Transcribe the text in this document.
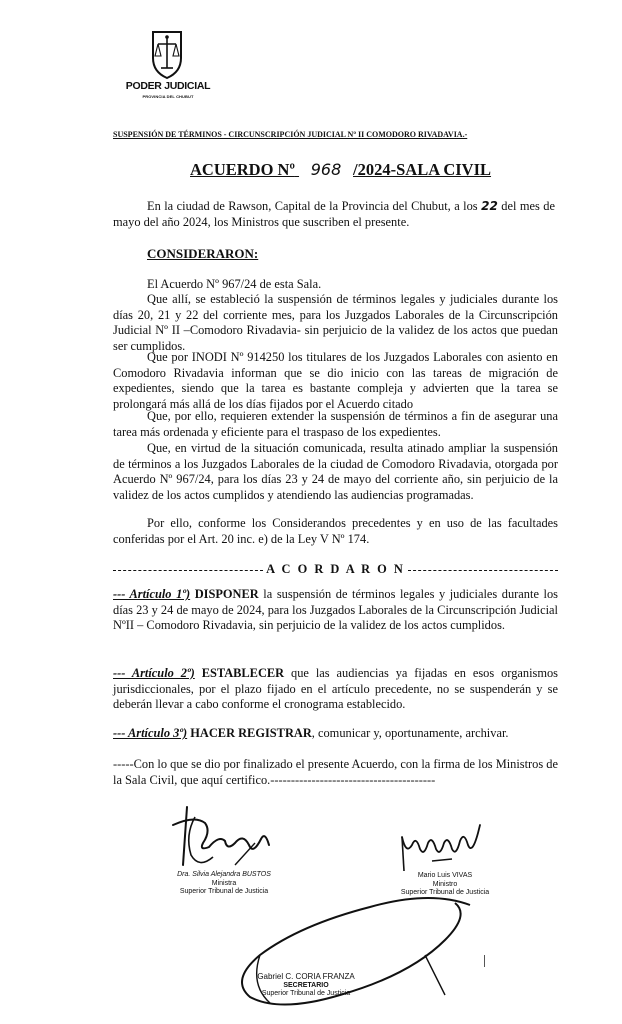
PODER JUDICIAL
PROVINCIA DEL CHUBUT
SUSPENSIÓN DE TÉRMINOS - CIRCUNSCRIPCIÓN JUDICIAL Nº II COMODORO RIVADAVIA.-
ACUERDO Nº 968 /2024-SALA CIVIL
En la ciudad de Rawson, Capital de la Provincia del Chubut, a los 22 del mes de mayo del año 2024, los Ministros que suscriben el presente.
CONSIDERARON:
El Acuerdo Nº 967/24 de esta Sala.
Que allí, se estableció la suspensión de términos legales y judiciales durante los días 20, 21 y 22 del corriente mes, para los Juzgados Laborales de la Circunscripción Judicial Nº II –Comodoro Rivadavia- sin perjuicio de la validez de los actos que puedan ser cumplidos.
Que por INODI Nº 914250 los titulares de los Juzgados Laborales con asiento en Comodoro Rivadavia informan que se dio inicio con las tareas de migración de expedientes, siendo que la tarea es bastante compleja y advierten que la tarea se prolongará más allá de los días fijados por el Acuerdo citado
Que, por ello, requieren extender la suspensión de términos a fin de asegurar una tarea más ordenada y eficiente para el traspaso de los expedientes.
Que, en virtud de la situación comunicada, resulta atinado ampliar la suspensión de términos a los Juzgados Laborales de la ciudad de Comodoro Rivadavia, otorgada por Acuerdo Nº 967/24, para los días 23 y 24 de mayo del corriente año, sin perjuicio de la validez de los actos cumplidos y atendiendo las audiencias programadas.
Por ello, conforme los Considerandos precedentes y en uso de las facultades conferidas por el Art. 20 inc. e) de la Ley V Nº 174.
A C O R D A R O N
--- Artículo 1º) DISPONER la suspensión de términos legales y judiciales durante los días 23 y 24 de mayo de 2024, para los Juzgados Laborales de la Circunscripción Judicial NºII – Comodoro Rivadavia, sin perjuicio de la validez de los actos cumplidos.
--- Artículo 2º) ESTABLECER que las audiencias ya fijadas en esos organismos jurisdiccionales, por el plazo fijado en el artículo precedente, no se suspenderán y se deberán llevar a cabo conforme el cronograma establecido.
--- Artículo 3º) HACER REGISTRAR, comunicar y, oportunamente, archivar.
-----Con lo que se dio por finalizado el presente Acuerdo, con la firma de los Ministros de la Sala Civil, que aquí certifico.----------------------------------------
Dra. Silvia Alejandra BUSTOS
Ministra
Superior Tribunal de Justicia
Mario Luis VIVAS
Ministro
Superior Tribunal de Justicia
Gabriel C. CORIA FRANZA
SECRETARIO
Superior Tribunal de Justicia
